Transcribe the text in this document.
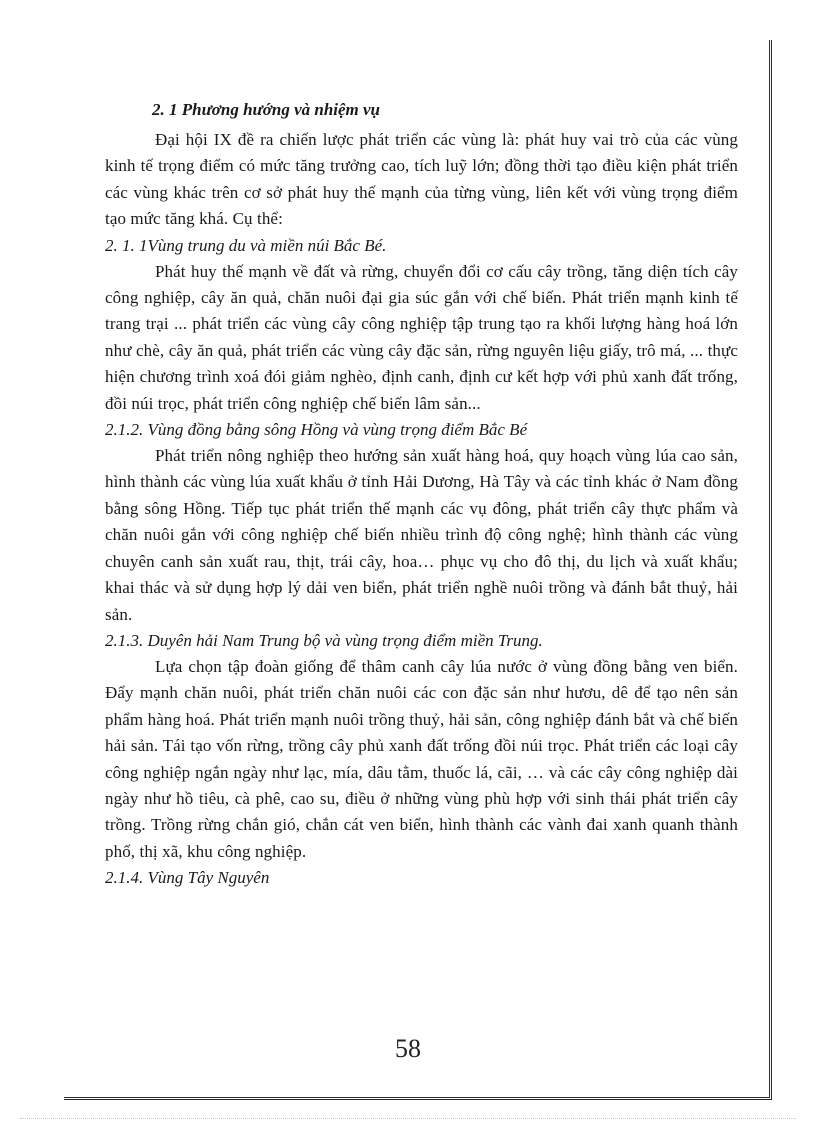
2. 1 Phương hướng và nhiệm vụ

Đại hội IX đề ra chiến lược phát triển các vùng là: phát huy vai trò của các vùng kinh tế trọng điểm có mức tăng trưởng cao, tích luỹ lớn; đồng thời tạo điều kiện phát triển các vùng khác trên cơ sở phát huy thế mạnh của từng vùng, liên kết với vùng trọng điểm tạo mức tăng khá. Cụ thể:

2. 1. 1Vùng trung du và miền núi Bắc Bé.

Phát huy thế mạnh về đất và rừng, chuyển đổi cơ cấu cây trồng, tăng diện tích cây công nghiệp, cây ăn quả, chăn nuôi đại gia súc gắn với chế biến. Phát triển mạnh kinh tế trang trại ... phát triển các vùng cây công nghiệp tập trung tạo ra khối lượng hàng hoá lớn như chè, cây ăn quả, phát triển các vùng cây đặc sản, rừng nguyên liệu giấy, trô má, ... thực hiện chương trình xoá đói giảm nghèo, định canh, định cư kết hợp với phủ xanh đất trống, đồi núi trọc, phát triển công nghiệp chế biến lâm sản...

2.1.2. Vùng đồng bằng sông Hồng và vùng trọng điểm Bắc Bé

Phát triển nông nghiệp theo hướng sản xuất hàng hoá, quy hoạch vùng lúa cao sản, hình thành các vùng lúa xuất khẩu ở tỉnh Hải Dương, Hà Tây và các tỉnh khác ở Nam đồng bằng sông Hồng. Tiếp tục phát triển thế mạnh các vụ đông, phát triển cây thực phẩm và chăn nuôi gắn với công nghiệp chế biến nhiều trình độ công nghệ; hình thành các vùng chuyên canh sản xuất rau, thịt, trái cây, hoa… phục vụ cho đô thị, du lịch và xuất khẩu; khai thác và sử dụng hợp lý dải ven biển, phát triển nghề nuôi trồng và đánh bắt thuỷ, hải sản.

2.1.3. Duyên hải Nam Trung bộ và vùng trọng điểm miền Trung.

Lựa chọn tập đoàn giống để thâm canh cây lúa nước ở vùng đồng bằng ven biển. Đẩy mạnh chăn nuôi, phát triển chăn nuôi các con đặc sản như hươu, dê để tạo nên sản phẩm hàng hoá. Phát triển mạnh nuôi trồng thuỷ, hải sản, công nghiệp đánh bắt và chế biến hải sản. Tái tạo vốn rừng, trồng cây phủ xanh đất trống đồi núi trọc. Phát triển các loại cây công nghiệp ngắn ngày như lạc, mía, dâu tằm, thuốc lá, cãi, … và các cây công nghiệp dài ngày như hồ tiêu, cà phê, cao su, điều ở những vùng phù hợp với sinh thái phát triển cây trồng. Trồng rừng chắn gió, chắn cát ven biển, hình thành các vành đai xanh quanh thành phố, thị xã, khu công nghiệp.

2.1.4. Vùng Tây Nguyên

58
